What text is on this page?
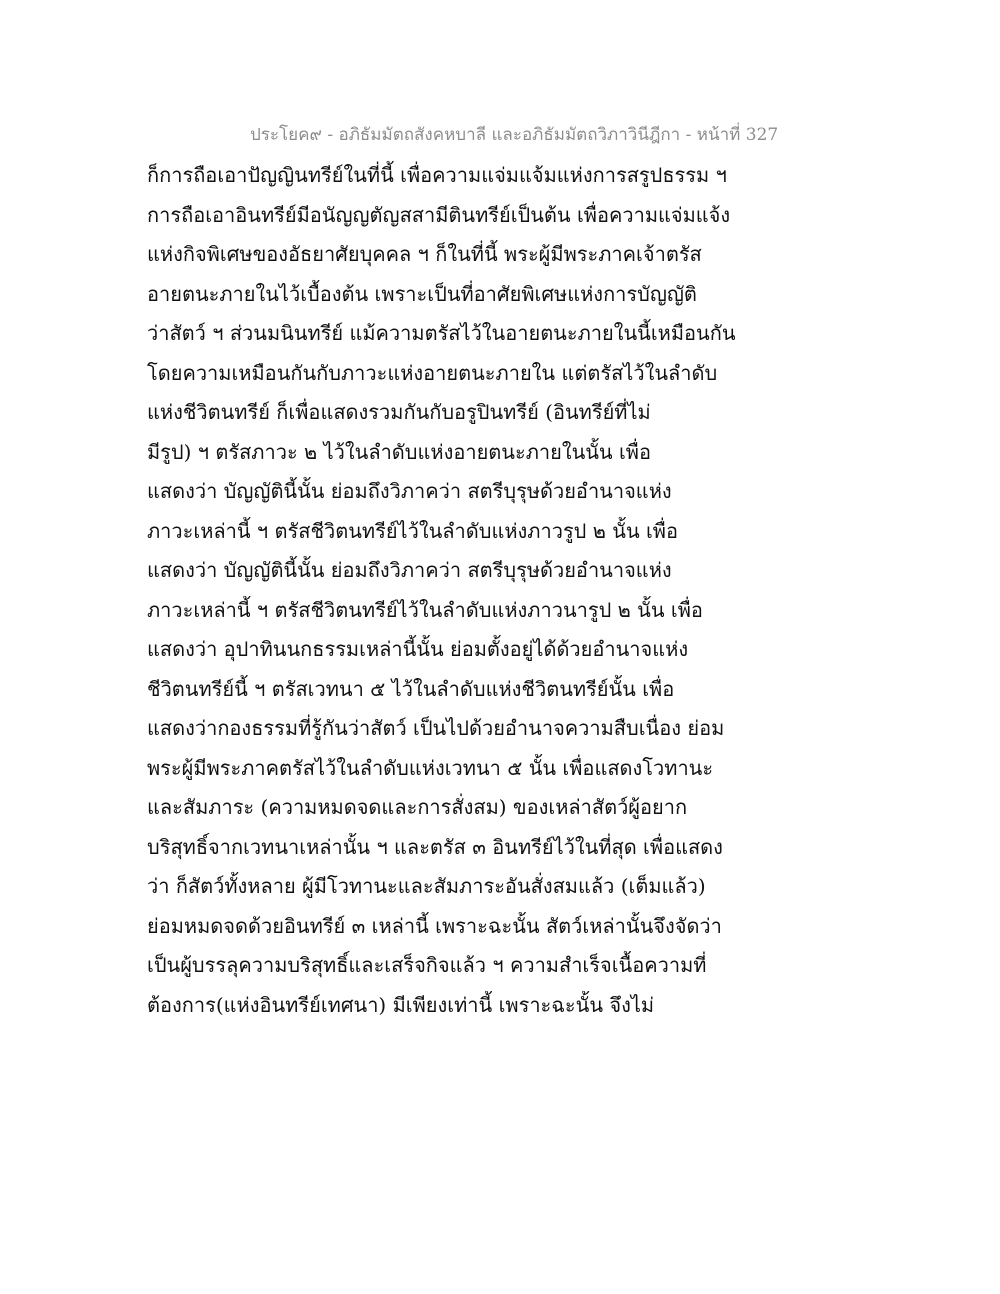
ประโยค๙ - อภิธัมมัตถสังคหบาลี และอภิธัมมัตถวิภาวินีฎีกา - หน้าที่ 327
ก็การถือเอาปัญญินทรีย์ในที่นี้ เพื่อความแจ่มแจ้มแห่งการสรูปธรรม ฯ
การถือเอาอินทรีย์มีอนัญญตัญสสามีตินทรีย์เป็นต้น เพื่อความแจ่มแจ้ง
แห่งกิจพิเศษของอัธยาศัยบุคคล ฯ ก็ในที่นี้ พระผู้มีพระภาคเจ้าตรัส
อายตนะภายในไว้เบื้องต้น เพราะเป็นที่อาศัยพิเศษแห่งการบัญญัติ
ว่าสัตว์ ฯ ส่วนมนินทรีย์ แม้ความตรัสไว้ในอายตนะภายในนี้เหมือนกัน
โดยความเหมือนกันกับภาวะแห่งอายตนะภายใน แต่ตรัสไว้ในลำดับ
แห่งชีวิตนทรีย์ ก็เพื่อแสดงรวมกันกับอรูปินทรีย์ (อินทรีย์ที่ไม่
มีรูป) ฯ ตรัสภาวะ ๒ ไว้ในลำดับแห่งอายตนะภายในนั้น เพื่อ
แสดงว่า บัญญัตินี้นั้น ย่อมถึงวิภาคว่า สตรีบุรุษด้วยอำนาจแห่ง
ภาวะเหล่านี้ ฯ ตรัสชีวิตนทรีย์ไว้ในลำดับแห่งภาวรูป ๒ นั้น เพื่อ
แสดงว่า บัญญัตินี้นั้น ย่อมถึงวิภาคว่า สตรีบุรุษด้วยอำนาจแห่ง
ภาวะเหล่านี้ ฯ ตรัสชีวิตนทรีย์ไว้ในลำดับแห่งภาวนารูป ๒ นั้น เพื่อ
แสดงว่า อุปาทินนกธรรมเหล่านี้นั้น ย่อมตั้งอยู่ได้ด้วยอำนาจแห่ง
ชีวิตนทรีย์นี้ ฯ ตรัสเวทนา ๕ ไว้ในลำดับแห่งชีวิตนทรีย์นั้น เพื่อ
แสดงว่ากองธรรมที่รู้กันว่าสัตว์ เป็นไปด้วยอำนาจความสืบเนื่อง ย่อม
พระผู้มีพระภาคตรัสไว้ในลำดับแห่งเวทนา ๕ นั้น เพื่อแสดงโวทานะ
และสัมภาระ (ความหมดจดและการสั่งสม) ของเหล่าสัตว์ผู้อยาก
บริสุทธิ์จากเวทนาเหล่านั้น ฯ และตรัส ๓ อินทรีย์ไว้ในที่สุด เพื่อแสดง
ว่า ก็สัตว์ทั้งหลาย ผู้มีโวทานะและสัมภาระอันสั่งสมแล้ว (เต็มแล้ว)
ย่อมหมดจดด้วยอินทรีย์ ๓ เหล่านี้ เพราะฉะนั้น สัตว์เหล่านั้นจึงจัดว่า
เป็นผู้บรรลุความบริสุทธิ์และเสร็จกิจแล้ว ฯ ความสำเร็จเนื้อความที่
ต้องการ(แห่งอินทรีย์เทศนา) มีเพียงเท่านี้ เพราะฉะนั้น จึงไม่
